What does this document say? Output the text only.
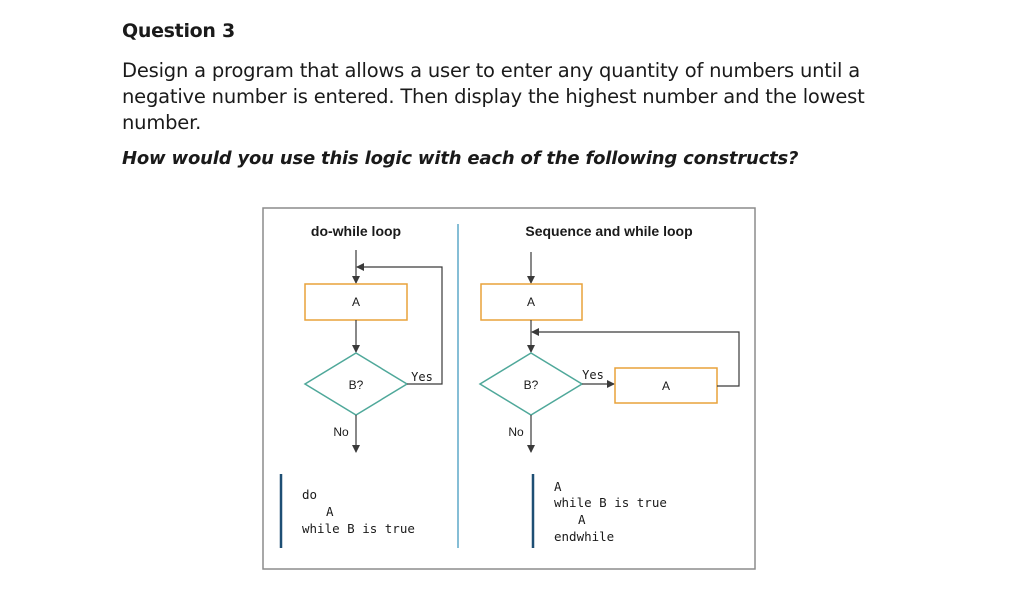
Question 3
Design a program that allows a user to enter any quantity of numbers until a negative number is entered. Then display the highest number and the lowest number.
How would you use this logic with each of the following constructs?
do-while loop
A
B?
Yes
No
do
A
while B is true
Sequence and while loop
A
B?
Yes
A
No
A
while B is true
A
endwhile
